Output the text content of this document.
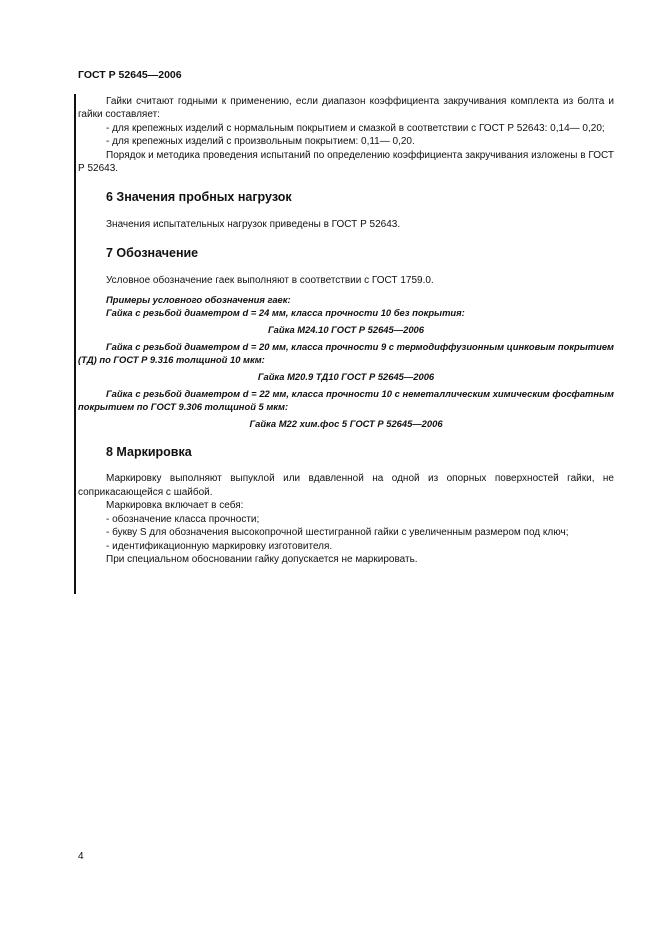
ГОСТ Р 52645—2006

Гайки считают годными к применению, если диапазон коэффициента закручивания комплекта из болта и гайки составляет:

- для крепежных изделий с нормальным покрытием и смазкой в соответствии с ГОСТ Р 52643: 0,14— 0,20;

- для крепежных изделий с произвольным покрытием: 0,11— 0,20.

Порядок и методика проведения испытаний по определению коэффициента закручивания изложены в ГОСТ Р 52643.

6 Значения пробных нагрузок

Значения испытательных нагрузок приведены в ГОСТ Р 52643.

7 Обозначение

Условное обозначение гаек выполняют в соответствии с ГОСТ 1759.0.

Примеры условного обозначения гаек:

Гайка с резьбой диаметром d = 24 мм, класса прочности 10 без покрытия:

Гайка М24.10 ГОСТ Р 52645—2006

Гайка с резьбой диаметром d = 20 мм, класса прочности 9 с термодиффузионным цинковым покрытием (ТД) по ГОСТ Р 9.316 толщиной 10 мкм:

Гайка М20.9 ТД10 ГОСТ Р 52645—2006

Гайка с резьбой диаметром d = 22 мм, класса прочности 10 с неметаллическим химическим фосфатным покрытием по ГОСТ 9.306 толщиной 5 мкм:

Гайка М22 хим.фос 5 ГОСТ Р 52645—2006

8 Маркировка

Маркировку выполняют выпуклой или вдавленной на одной из опорных поверхностей гайки, не соприкасающейся с шайбой.

Маркировка включает в себя:

- обозначение класса прочности;

- букву S для обозначения высокопрочной шестигранной гайки с увеличенным размером под ключ;

- идентификационную маркировку изготовителя.

При специальном обосновании гайку допускается не маркировать.

4
